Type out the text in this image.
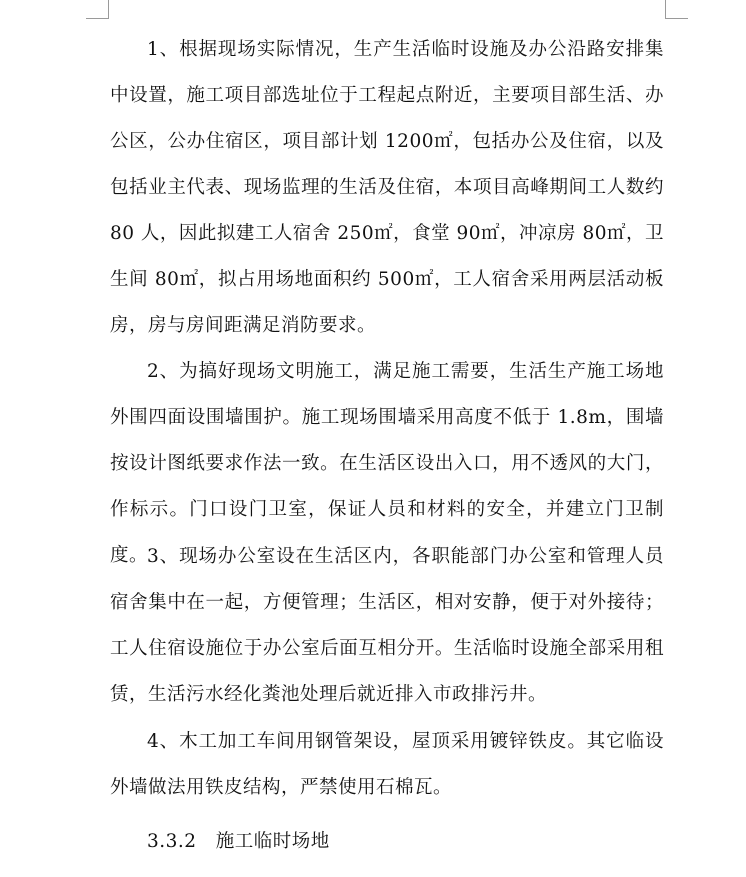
1、根据现场实际情况，生产生活临时设施及办公沿路安排集中设置，施工项目部选址位于工程起点附近，主要项目部生活、办公区，公办住宿区，项目部计划 1200㎡，包括办公及住宿，以及包括业主代表、现场监理的生活及住宿，本项目高峰期间工人数约 80 人，因此拟建工人宿舍 250㎡，食堂 90㎡，冲凉房 80㎡，卫生间 80㎡，拟占用场地面积约 500㎡，工人宿舍采用两层活动板房，房与房间距满足消防要求。

2、为搞好现场文明施工，满足施工需要，生活生产施工场地外围四面设围墙围护。施工现场围墙采用高度不低于 1.8m，围墙按设计图纸要求作法一致。在生活区设出入口，用不透风的大门，作标示。门口设门卫室，保证人员和材料的安全，并建立门卫制度。

3、现场办公室设在生活区内，各职能部门办公室和管理人员宿舍集中在一起，方便管理；生活区，相对安静，便于对外接待；工人住宿设施位于办公室后面互相分开。生活临时设施全部采用租赁，生活污水经化粪池处理后就近排入市政排污井。

4、木工加工车间用钢管架设，屋顶采用镀锌铁皮。其它临设外墙做法用铁皮结构，严禁使用石棉瓦。

3.3.2   施工临时场地
